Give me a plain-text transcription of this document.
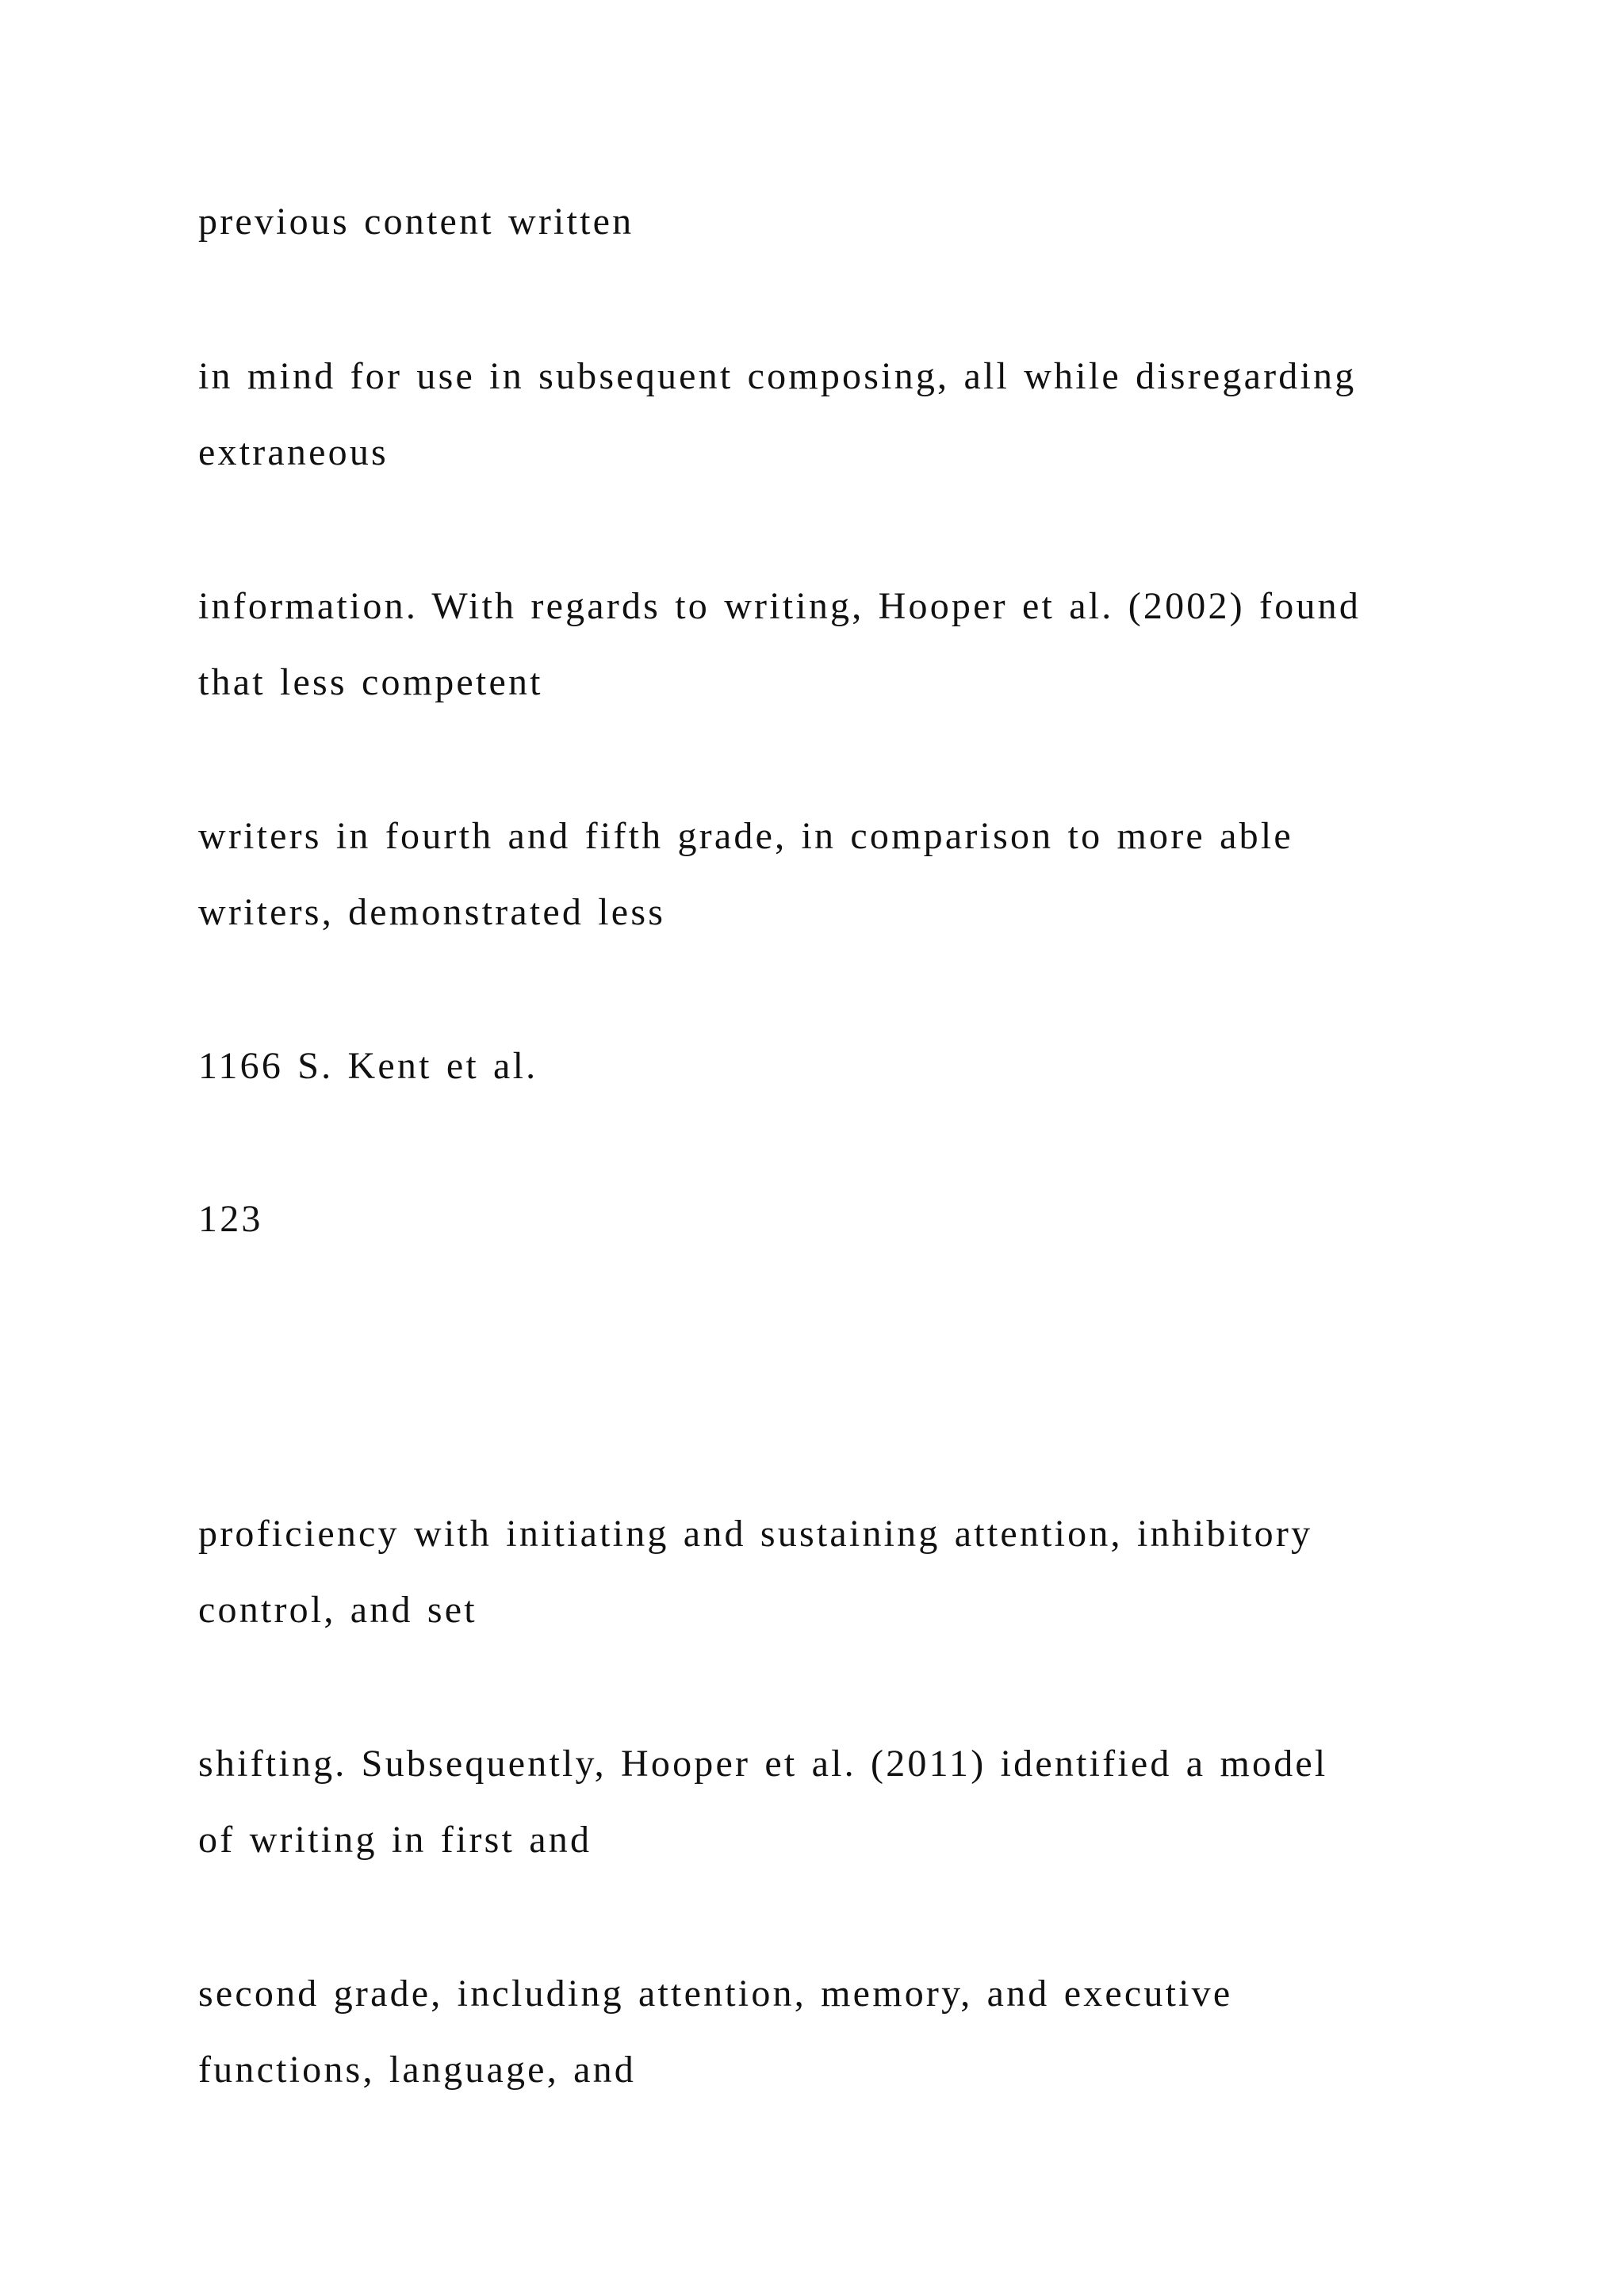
previous content written

in mind for use in subsequent composing, all while disregarding
extraneous

information. With regards to writing, Hooper et al. (2002) found
that less competent

writers in fourth and fifth grade, in comparison to more able
writers, demonstrated less

1166 S. Kent et al.

123

proficiency with initiating and sustaining attention, inhibitory
control, and set

shifting. Subsequently, Hooper et al. (2011) identified a model
of writing in first and

second grade, including attention, memory, and executive
functions, language, and
